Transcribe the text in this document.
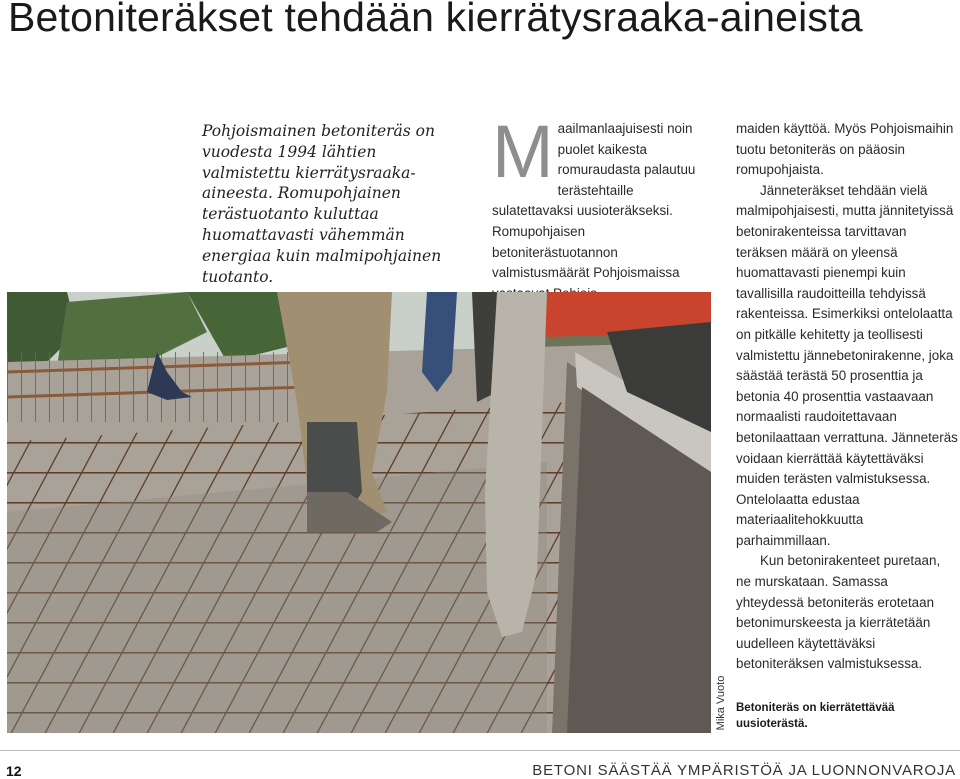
Betoniteräkset tehdään kierrätysraaka-aineista

Pohjoismainen betoniteräs on vuodesta 1994 lähtien valmistettu kierrätysraaka-aineesta. Romupohjainen terästuotanto kuluttaa huomattavasti vähemmän energiaa kuin malmipohjainen tuotanto.

Maailmanlaajuisesti noin puolet kaikesta romuraudasta palautuu terästehtaille sulatettavaksi uusioteräkseksi. Romupohjaisen betoniterästuotannon valmistusmäärät Pohjoismaissa

maiden käyttöä. Myös Pohjoismaihin tuotu betoniteräs on pääosin romupohjaista.

Jänneteräkset tehdään vielä malmipohjaisesti, mutta jännitetyissä betonirakenteissa tarvittavan teräksen määrä on yleensä huomattavasti pienempi kuin tavallisilla raudoitteilla tehdyissä rakenteissa. Esimerkiksi ontelolaatta on pitkälle kehitetty ja teollisesti valmistettu jännebetonirakenne, joka säästää terästä 50 prosenttia ja betonia 40 prosenttia vastaavaan normaalisti raudoitettavaan betonilaattaan verrattuna. Jänneteräs voidaan kierrättää käytettäväksi muiden terästen valmistuksessa. Ontelolaatta edustaa materiaalitehokkuutta parhaimmillaan.

Kun betonirakenteet puretaan, ne murskataan. Samassa yhteydessä betoniteräs erotetaan betonimurskeesta ja kierrätetään uudelleen käytettäväksi betoniteräksen valmistuksessa.

Mika Vuoto Betoniteräs on kierrätettävää uusioterästä.

12	BETONI SÄÄSTÄÄ YMPÄRISTÖÄ JA LUONNONVAROJA
